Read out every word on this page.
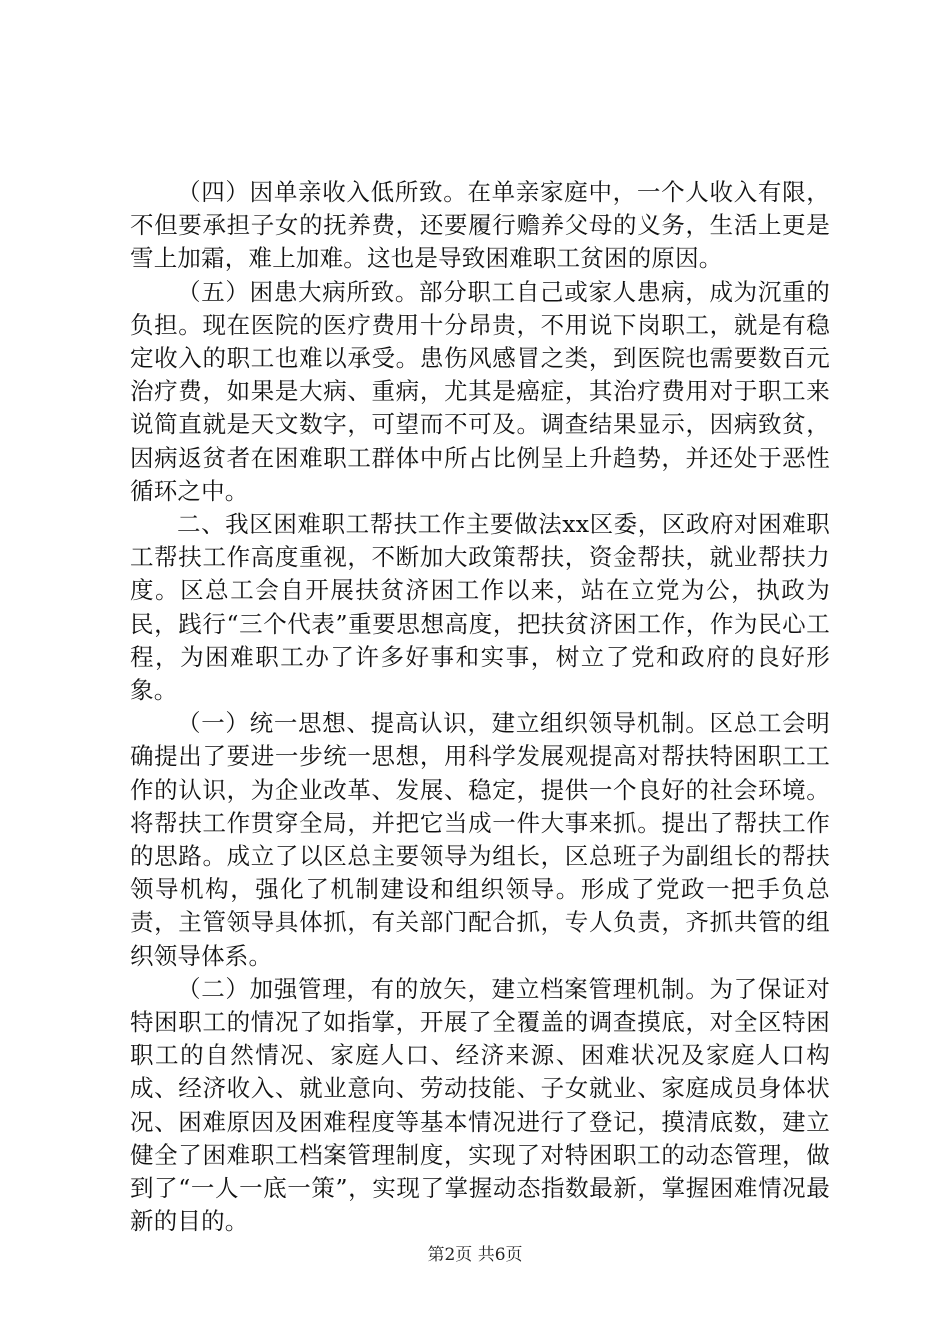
（四）因单亲收入低所致。在单亲家庭中，一个人收入有限，不但要承担子女的抚养费，还要履行赡养父母的义务，生活上更是雪上加霜，难上加难。这也是导致困难职工贫困的原因。

（五）困患大病所致。部分职工自己或家人患病，成为沉重的负担。现在医院的医疗费用十分昂贵，不用说下岗职工，就是有稳定收入的职工也难以承受。患伤风感冒之类，到医院也需要数百元治疗费，如果是大病、重病，尤其是癌症，其治疗费用对于职工来说简直就是天文数字，可望而不可及。调查结果显示，因病致贫，因病返贫者在困难职工群体中所占比例呈上升趋势，并还处于恶性循环之中。

二、我区困难职工帮扶工作主要做法xx区委，区政府对困难职工帮扶工作高度重视，不断加大政策帮扶，资金帮扶，就业帮扶力度。区总工会自开展扶贫济困工作以来，站在立党为公，执政为民，践行“三个代表”重要思想高度，把扶贫济困工作，作为民心工程，为困难职工办了许多好事和实事，树立了党和政府的良好形象。

（一）统一思想、提高认识，建立组织领导机制。区总工会明确提出了要进一步统一思想，用科学发展观提高对帮扶特困职工工作的认识，为企业改革、发展、稳定，提供一个良好的社会环境。将帮扶工作贯穿全局，并把它当成一件大事来抓。提出了帮扶工作的思路。成立了以区总主要领导为组长，区总班子为副组长的帮扶领导机构，强化了机制建设和组织领导。形成了党政一把手负总责，主管领导具体抓，有关部门配合抓，专人负责，齐抓共管的组织领导体系。

（二）加强管理，有的放矢，建立档案管理机制。为了保证对特困职工的情况了如指掌，开展了全覆盖的调查摸底，对全区特困职工的自然情况、家庭人口、经济来源、困难状况及家庭人口构成、经济收入、就业意向、劳动技能、子女就业、家庭成员身体状况、困难原因及困难程度等基本情况进行了登记，摸清底数，建立健全了困难职工档案管理制度，实现了对特困职工的动态管理，做到了“一人一底一策”，实现了掌握动态指数最新，掌握困难情况最新的目的。

第2页 共6页
